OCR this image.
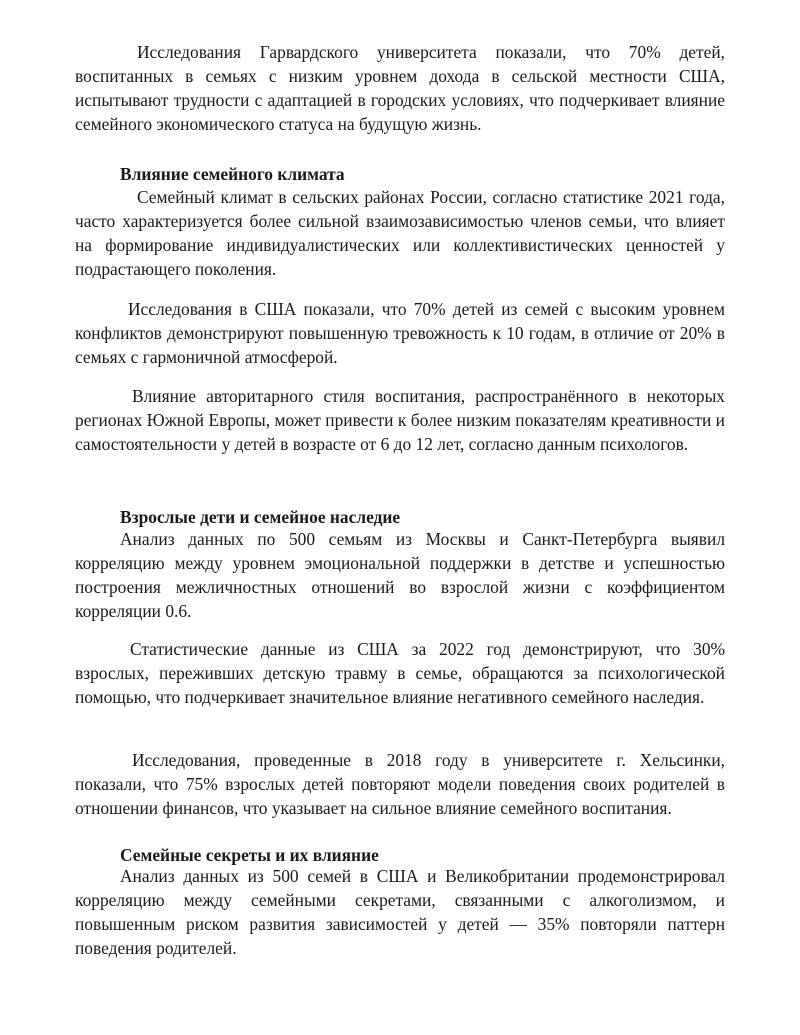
Исследования Гарвардского университета показали, что 70% детей, воспитанных в семьях с низким уровнем дохода в сельской местности США, испытывают трудности с адаптацией в городских условиях, что подчеркивает влияние семейного экономического статуса на будущую жизнь.

Влияние семейного климата

Семейный климат в сельских районах России, согласно статистике 2021 года, часто характеризуется более сильной взаимозависимостью членов семьи, что влияет на формирование индивидуалистических или коллективистических ценностей у подрастающего поколения.

Исследования в США показали, что 70% детей из семей с высоким уровнем конфликтов демонстрируют повышенную тревожность к 10 годам, в отличие от 20% в семьях с гармоничной атмосферой.

Влияние авторитарного стиля воспитания, распространённого в некоторых регионах Южной Европы, может привести к более низким показателям креативности и самостоятельности у детей в возрасте от 6 до 12 лет, согласно данным психологов.

Взрослые дети и семейное наследие

Анализ данных по 500 семьям из Москвы и Санкт-Петербурга выявил корреляцию между уровнем эмоциональной поддержки в детстве и успешностью построения межличностных отношений во взрослой жизни с коэффициентом корреляции 0.6.

Статистические данные из США за 2022 год демонстрируют, что 30% взрослых, переживших детскую травму в семье, обращаются за психологической помощью, что подчеркивает значительное влияние негативного семейного наследия.

Исследования, проведенные в 2018 году в университете г. Хельсинки, показали, что 75% взрослых детей повторяют модели поведения своих родителей в отношении финансов, что указывает на сильное влияние семейного воспитания.

Семейные секреты и их влияние

Анализ данных из 500 семей в США и Великобритании продемонстрировал корреляцию между семейными секретами, связанными с алкоголизмом, и повышенным риском развития зависимостей у детей — 35% повторяли паттерн поведения родителей.
